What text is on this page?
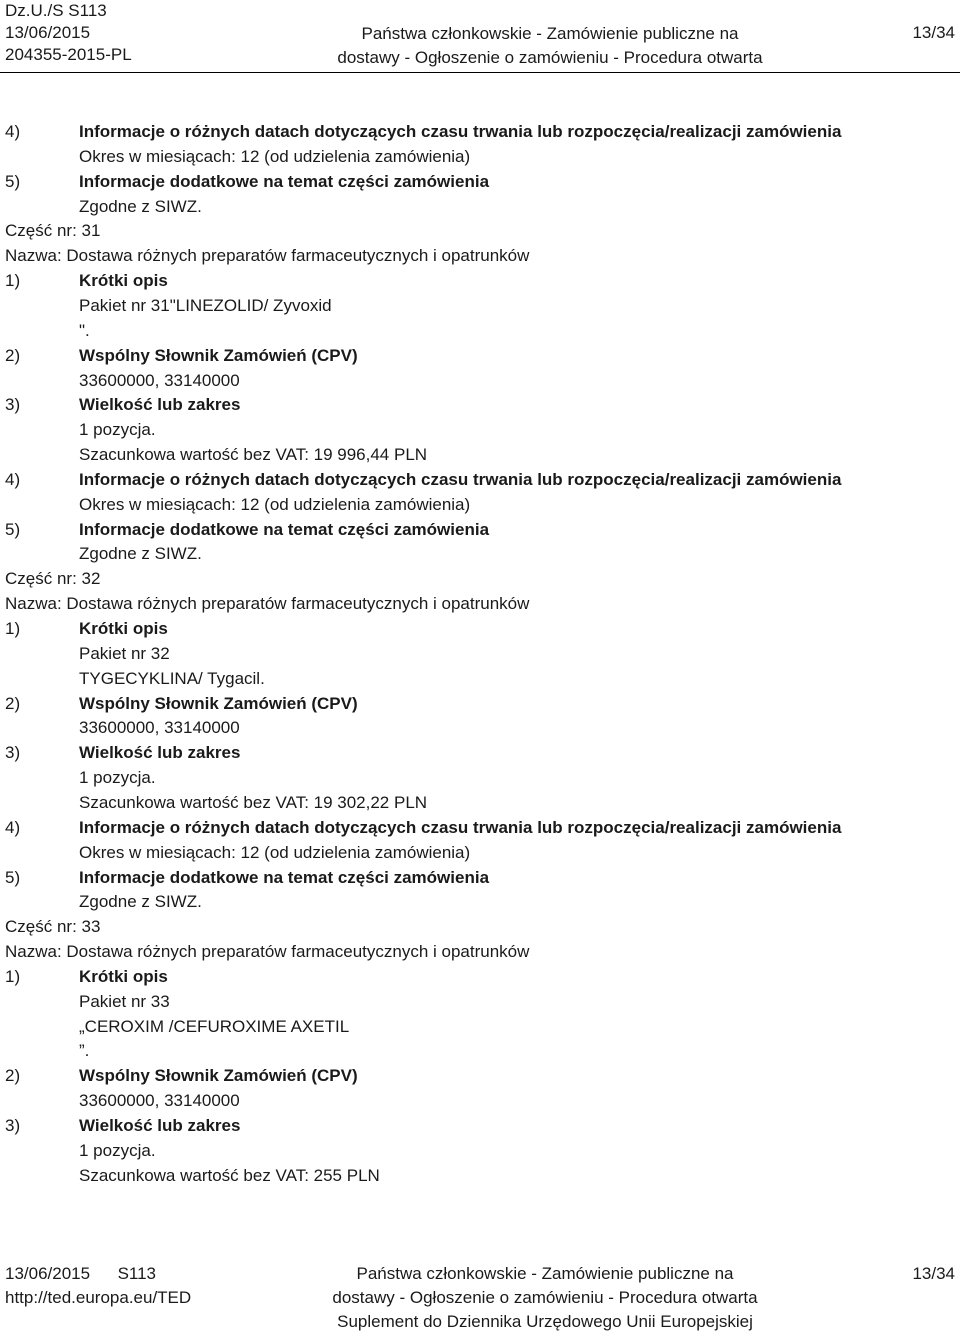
Dz.U./S S113
13/06/2015
204355-2015-PL
Państwa członkowskie - Zamówienie publiczne na
dostawy - Ogłoszenie o zamówieniu - Procedura otwarta
13/34
4)	Informacje o różnych datach dotyczących czasu trwania lub rozpoczęcia/realizacji zamówienia
Okres w miesiącach: 12 (od udzielenia zamówienia)
5)	Informacje dodatkowe na temat części zamówienia
Zgodne z SIWZ.
Część nr: 31
Nazwa: Dostawa różnych preparatów farmaceutycznych i opatrunków
1)	Krótki opis
Pakiet nr 31"LINEZOLID/ Zyvoxid
".
2)	Wspólny Słownik Zamówień (CPV)
33600000, 33140000
3)	Wielkość lub zakres
1 pozycja.
Szacunkowa wartość bez VAT: 19 996,44 PLN
4)	Informacje o różnych datach dotyczących czasu trwania lub rozpoczęcia/realizacji zamówienia
Okres w miesiącach: 12 (od udzielenia zamówienia)
5)	Informacje dodatkowe na temat części zamówienia
Zgodne z SIWZ.
Część nr: 32
Nazwa: Dostawa różnych preparatów farmaceutycznych i opatrunków
1)	Krótki opis
Pakiet nr 32
TYGECYKLINA/ Tygacil.
2)	Wspólny Słownik Zamówień (CPV)
33600000, 33140000
3)	Wielkość lub zakres
1 pozycja.
Szacunkowa wartość bez VAT: 19 302,22 PLN
4)	Informacje o różnych datach dotyczących czasu trwania lub rozpoczęcia/realizacji zamówienia
Okres w miesiącach: 12 (od udzielenia zamówienia)
5)	Informacje dodatkowe na temat części zamówienia
Zgodne z SIWZ.
Część nr: 33
Nazwa: Dostawa różnych preparatów farmaceutycznych i opatrunków
1)	Krótki opis
Pakiet nr 33
„CEROXIM /CEFUROXIME AXETIL
”.
2)	Wspólny Słownik Zamówień (CPV)
33600000, 33140000
3)	Wielkość lub zakres
1 pozycja.
Szacunkowa wartość bez VAT: 255 PLN
13/06/2015 S113
http://ted.europa.eu/TED
Państwa członkowskie - Zamówienie publiczne na
dostawy - Ogłoszenie o zamówieniu - Procedura otwarta
Suplement do Dziennika Urzędowego Unii Europejskiej
13/34
